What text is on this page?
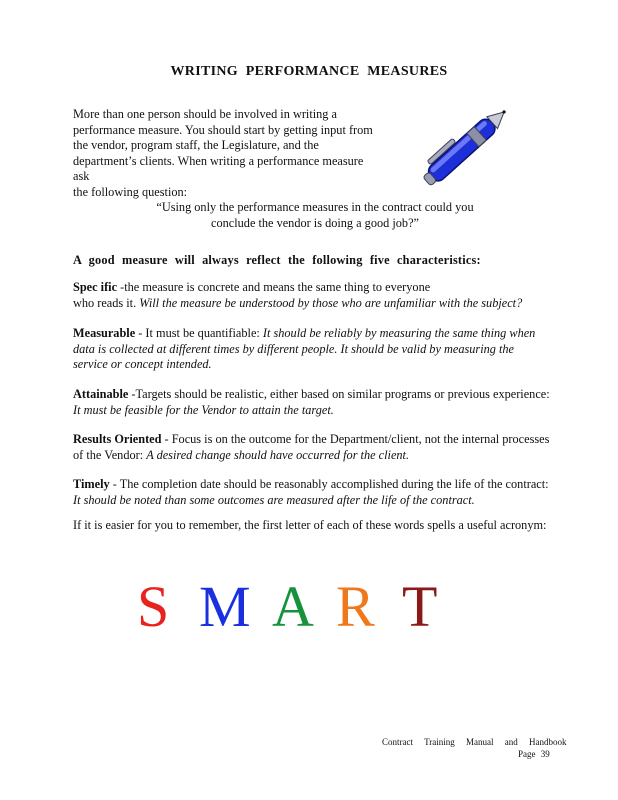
WRITING PERFORMANCE MEASURES
More than one person should be involved in writing a
performance measure. You should start by getting input from
the vendor, program staff, the Legislature, and the
department’s clients. When writing a performance measure ask
the following question:
“Using only the performance measures in the contract could you
conclude the vendor is doing a good job?”
A good measure will always reflect the following five characteristics:
Spec ific -the measure is concrete and means the same thing to everyone
who reads it. Will the measure be understood by those who are unfamiliar with the subject?
Measurable - It must be quantifiable: It should be reliably by measuring the same thing when data is collected at different times by different people. It should be valid by measuring the service or concept intended.
Attainable -Targets should be realistic, either based on similar programs or previous experience: It must be feasible for the Vendor to attain the target.
Results Oriented - Focus is on the outcome for the Department/client, not the internal processes of the Vendor: A desired change should have occurred for the client.
Timely - The completion date should be reasonably accomplished during the life of the contract: It should be noted than some outcomes are measured after the life of the contract.
If it is easier for you to remember, the first letter of each of these words spells a useful acronym:
S M A R T
Contract Training Manual and Handbook
Page 39
